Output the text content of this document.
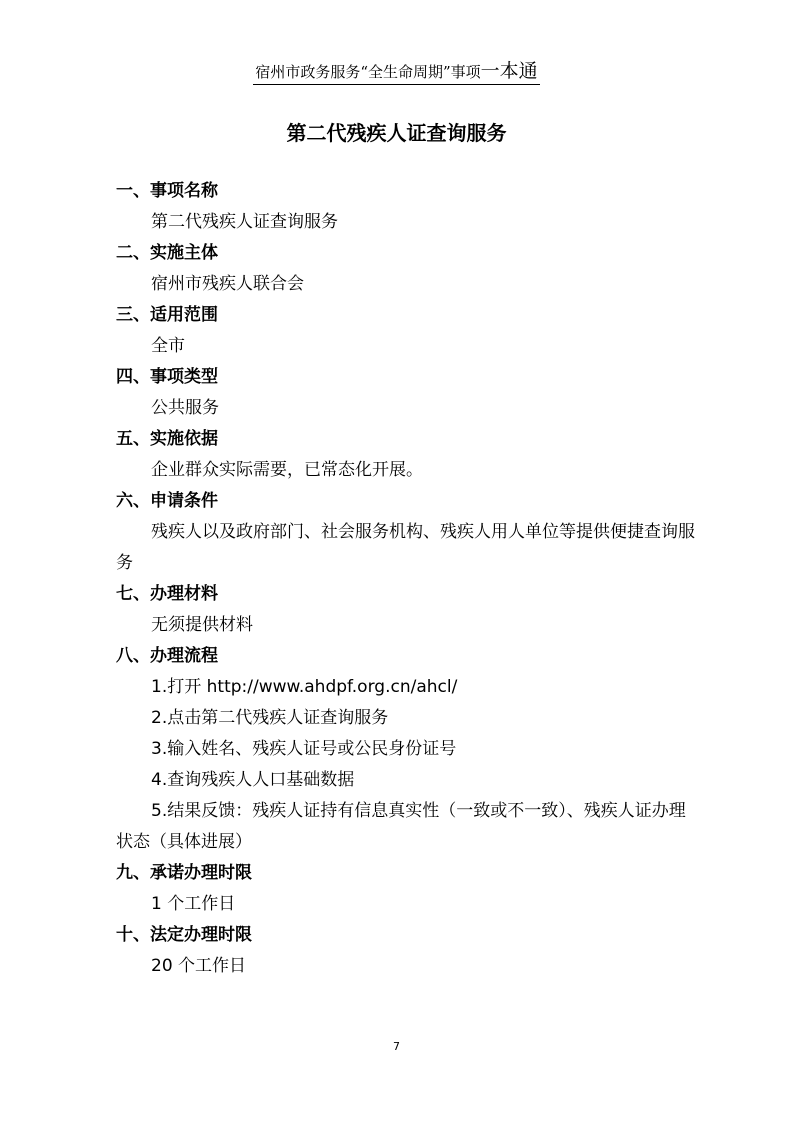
宿州市政务服务“全生命周期”事项一本通
第二代残疾人证查询服务

一、事项名称

第二代残疾人证查询服务

二、实施主体

宿州市残疾人联合会

三、适用范围

全市

四、事项类型

公共服务

五、实施依据

企业群众实际需要，已常态化开展。

六、申请条件

残疾人以及政府部门、社会服务机构、残疾人用人单位等提供便捷查询服务

七、办理材料

无须提供材料

八、办理流程

1.打开 http://www.ahdpf.org.cn/ahcl/

2.点击第二代残疾人证查询服务

3.输入姓名、残疾人证号或公民身份证号

4.查询残疾人人口基础数据

5.结果反馈：残疾人证持有信息真实性（一致或不一致）、残疾人证办理状态（具体进展）

九、承诺办理时限

1 个工作日

十、法定办理时限

20 个工作日

7
